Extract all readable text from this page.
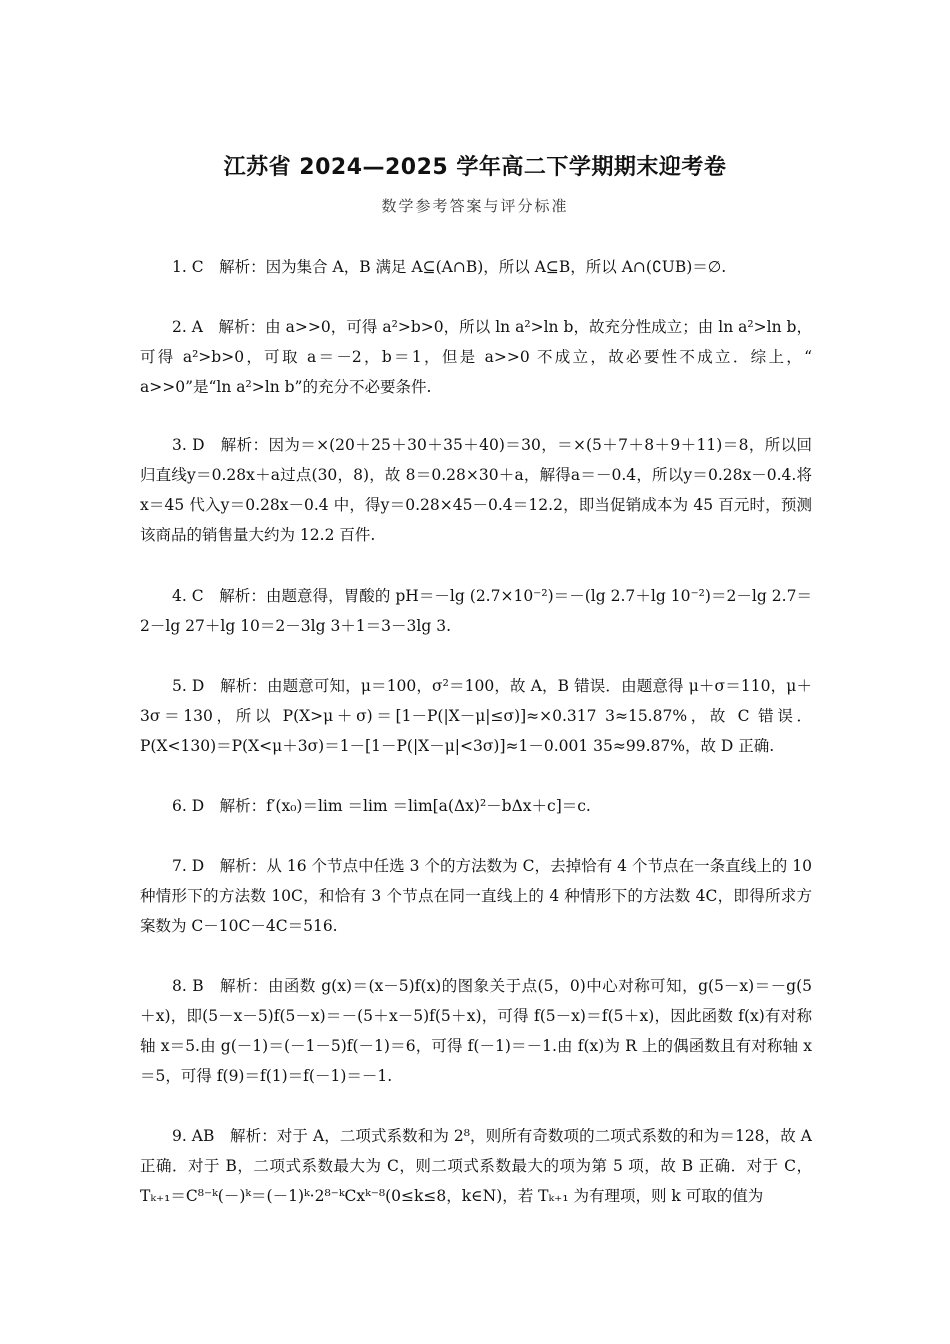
江苏省 2024—2025 学年高二下学期期末迎考卷
数学参考答案与评分标准
1. C　解析：因为集合 A，B 满足 A⊆(A∩B)，所以 A⊆B，所以 A∩(∁UB)＝∅.
2. A　解析：由 a>>0，可得 a²>b>0，所以 ln a²>ln b，故充分性成立；由 ln a²>ln b，可得 a²>b>0，可取 a＝－2，b＝1，但是 a>>0 不成立，故必要性不成立．综上，“ a>>0”是“ln a²>ln b”的充分不必要条件.
3. D　解析：因为＝×(20＋25＋30＋35＋40)＝30，＝×(5＋7＋8＋9＋11)＝8，所以回归直线y＝0.28x＋a过点(30，8)，故 8＝0.28×30＋a，解得a＝－0.4，所以y＝0.28x－0.4.将 x＝45 代入y＝0.28x－0.4 中，得y＝0.28×45－0.4＝12.2，即当促销成本为 45 百元时，预测该商品的销售量大约为 12.2 百件.
4. C　解析：由题意得，胃酸的 pH＝－lg (2.7×10⁻²)＝－(lg 2.7＋lg 10⁻²)＝2－lg 2.7＝2－lg 27＋lg 10＝2－3lg 3＋1＝3－3lg 3.
5. D　解析：由题意可知，μ＝100，σ²＝100，故 A，B 错误．由题意得 μ＋σ＝110，μ＋3σ＝130，所以 P(X>μ＋σ)＝[1－P(|X－μ|≤σ)]≈×0.317 3≈15.87%，故 C 错误．P(X<130)＝P(X<μ＋3σ)＝1－[1－P(|X－μ|<3σ)]≈1－0.001 35≈99.87%，故 D 正确.
6. D　解析：f′(x₀)＝lim ＝lim ＝lim[a(Δx)²－bΔx＋c]＝c.
7. D　解析：从 16 个节点中任选 3 个的方法数为 C，去掉恰有 4 个节点在一条直线上的 10 种情形下的方法数 10C，和恰有 3 个节点在同一直线上的 4 种情形下的方法数 4C，即得所求方案数为 C－10C－4C＝516.
8. B　解析：由函数 g(x)＝(x－5)f(x)的图象关于点(5，0)中心对称可知，g(5－x)＝－g(5＋x)，即(5－x－5)f(5－x)＝－(5＋x－5)f(5＋x)，可得 f(5－x)＝f(5＋x)，因此函数 f(x)有对称轴 x＝5.由 g(－1)＝(－1－5)f(－1)＝6，可得 f(－1)＝－1.由 f(x)为 R 上的偶函数且有对称轴 x＝5，可得 f(9)＝f(1)＝f(－1)＝－1.
9. AB　解析：对于 A，二项式系数和为 2⁸，则所有奇数项的二项式系数的和为＝128，故 A 正确．对于 B，二项式系数最大为 C，则二项式系数最大的项为第 5 项，故 B 正确．对于 C，Tₖ₊₁＝C⁸⁻ᵏ(－)ᵏ＝(－1)ᵏ·2⁸⁻ᵏCxᵏ⁻⁸(0≤k≤8，k∈N)，若 Tₖ₊₁ 为有理项，则 k 可取的值为
